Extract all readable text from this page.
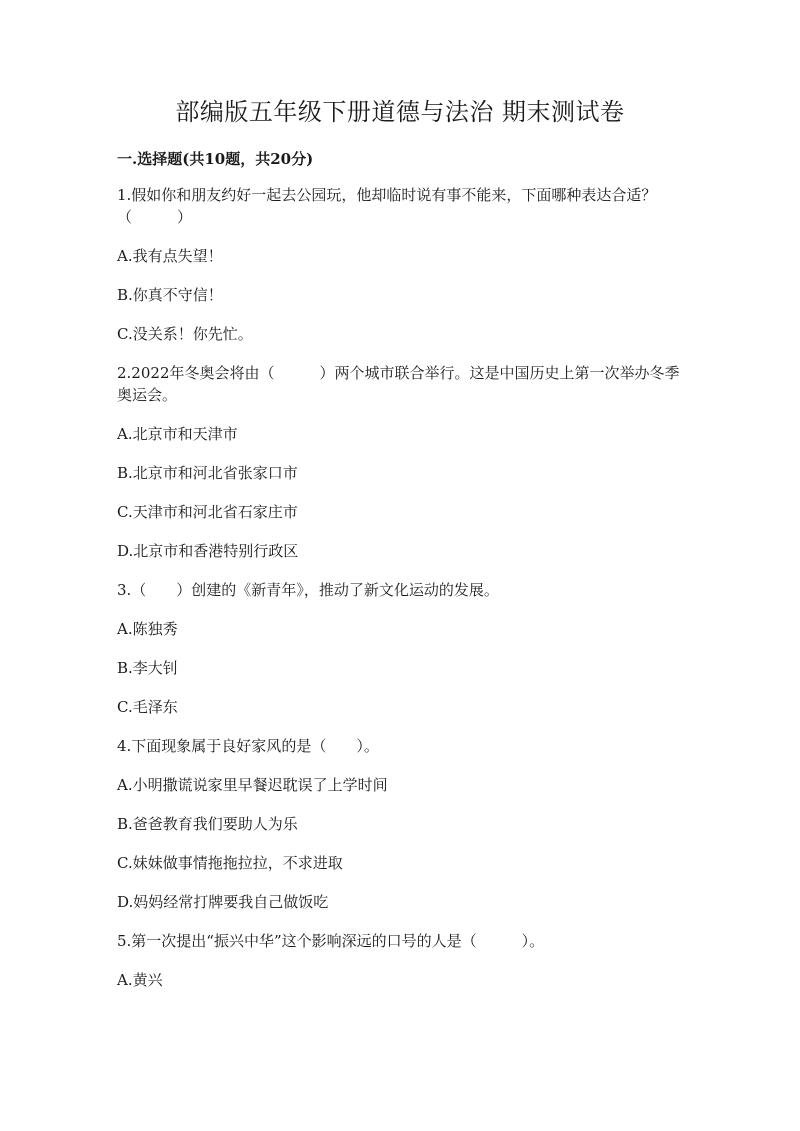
部编版五年级下册道德与法治 期末测试卷
一.选择题(共10题，共20分)
1.假如你和朋友约好一起去公园玩，他却临时说有事不能来，下面哪种表达合适？（　　　）
A.我有点失望！
B.你真不守信！
C.没关系！你先忙。
2.2022年冬奥会将由（　　　）两个城市联合举行。这是中国历史上第一次举办冬季奥运会。
A.北京市和天津市
B.北京市和河北省张家口市
C.天津市和河北省石家庄市
D.北京市和香港特别行政区
3.（　　）创建的《新青年》，推动了新文化运动的发展。
A.陈独秀
B.李大钊
C.毛泽东
4.下面现象属于良好家风的是（　　）。
A.小明撒谎说家里早餐迟耽误了上学时间
B.爸爸教育我们要助人为乐
C.妹妹做事情拖拖拉拉，不求进取
D.妈妈经常打牌要我自己做饭吃
5.第一次提出“振兴中华”这个影响深远的口号的人是（　　　）。
A.黄兴
